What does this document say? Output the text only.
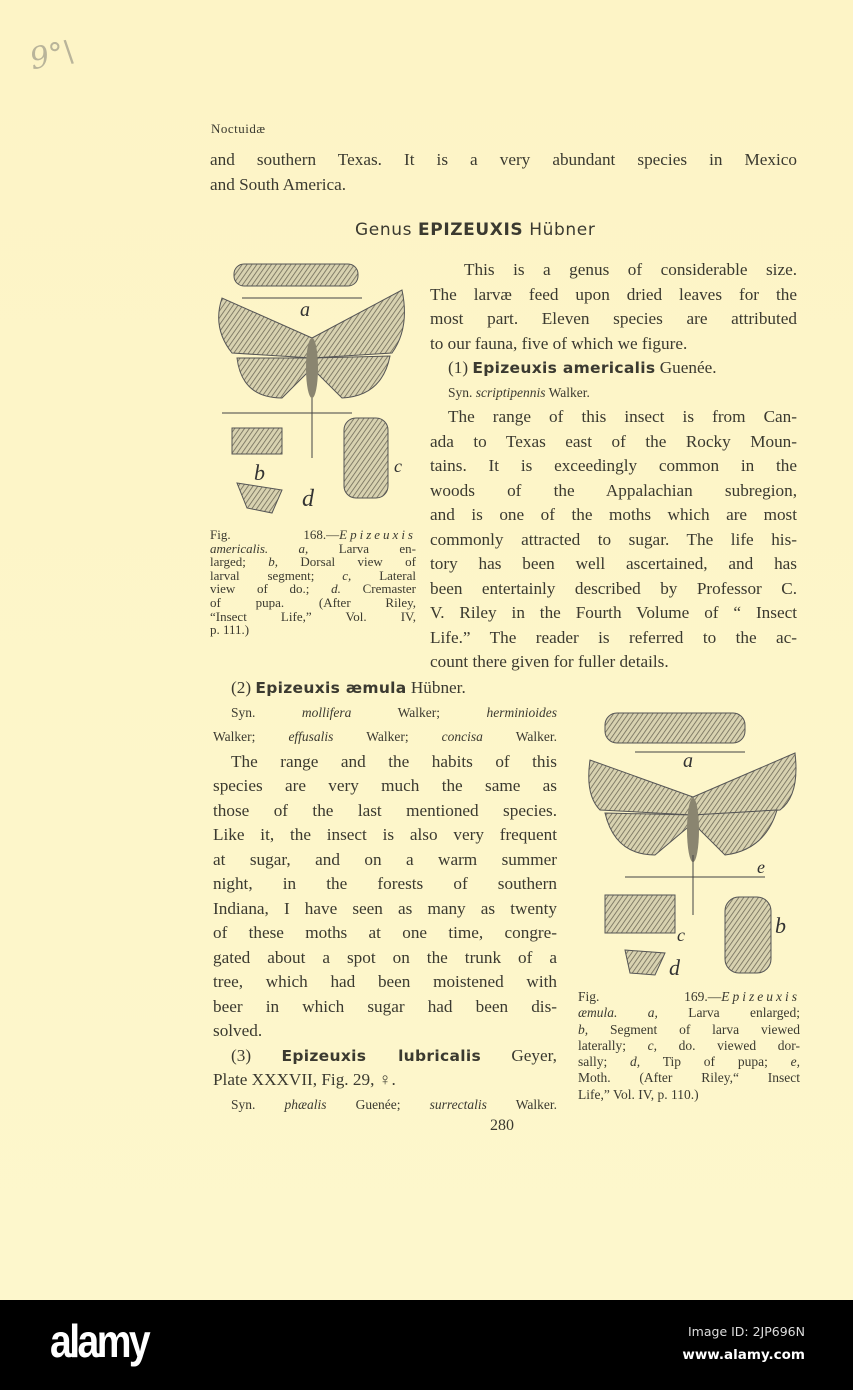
9°\
Noctuidæ
and southern Texas. It is a very abundant species in Mexico
and South America.
Genus EPIZEUXIS Hübner
a
b	c
d
Fig. 168.—Epizeuxis
americalis. a, Larva en-
larged; b, Dorsal view of
larval segment; c, Lateral
view of do.; d. Cremaster
of pupa. (After Riley,
“Insect Life,” Vol. IV,
p. 111.)
This is a genus of considerable size.
The larvæ feed upon dried leaves for the
most part. Eleven species are attributed
to our fauna, five of which we figure.
(1) Epizeuxis americalis Guenée.
Syn. scriptipennis Walker.
The range of this insect is from Can-
ada to Texas east of the Rocky Moun-
tains. It is exceedingly common in the
woods of the Appalachian subregion,
and is one of the moths which are most
commonly attracted to sugar. The life his-
tory has been well ascertained, and has
been entertainly described by Professor C.
V. Riley in the Fourth Volume of “ Insect
Life.” The reader is referred to the ac-
count there given for fuller details.
(2) Epizeuxis æmula Hübner.
Syn. mollifera Walker; herminioides
Walker; effusalis Walker; concisa Walker.
The range and the habits of this
species are very much the same as
those of the last mentioned species.
Like it, the insect is also very frequent
at sugar, and on a warm summer
night, in the forests of southern
Indiana, I have seen as many as twenty
of these moths at one time, congre-
gated about a spot on the trunk of a
tree, which had been moistened with
beer in which sugar had been dis-
solved.
(3) Epizeuxis lubricalis Geyer,
Plate XXXVII, Fig. 29, ♀.
Syn. phæalis Guenée; surrectalis Walker.
a
e
c	b
d
Fig. 169.—Epizeuxis
æmula. a, Larva enlarged;
b, Segment of larva viewed
laterally; c, do. viewed dor-
sally; d, Tip of pupa; e,
Moth. (After Riley,“ Insect
Life,” Vol. IV, p. 110.)
280
alamy	Image ID: 2JP696N
www.alamy.com
